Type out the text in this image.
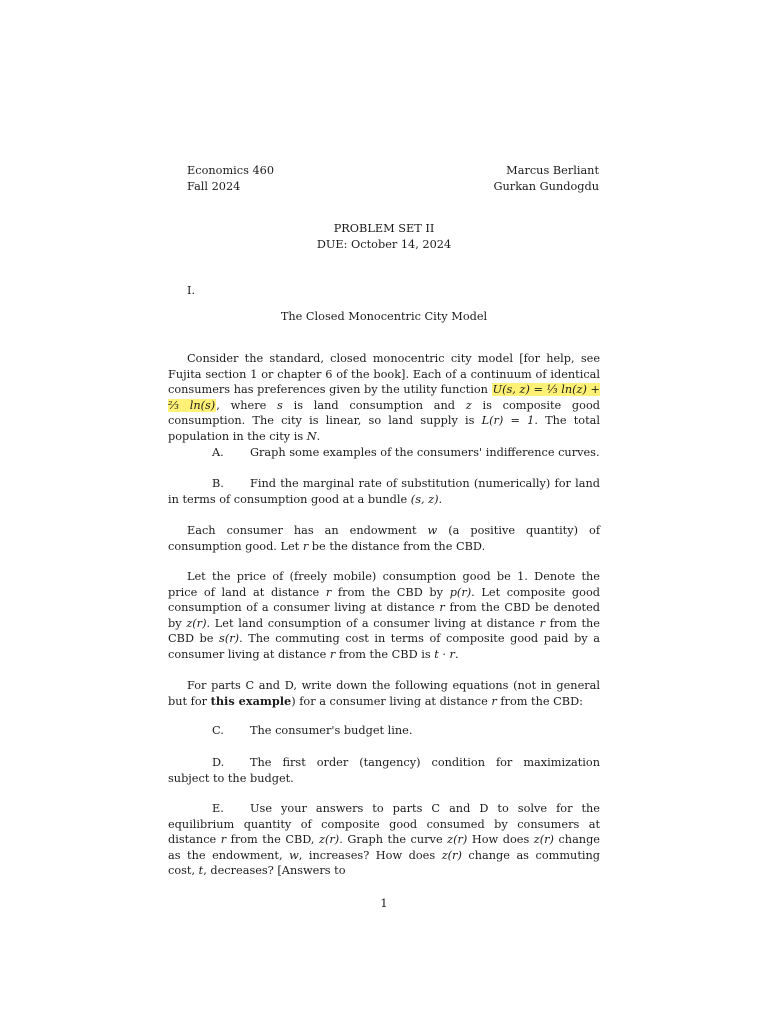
Economics 460
Fall 2024
Marcus Berliant
Gurkan Gundogdu
PROBLEM SET II
DUE: October 14, 2024
I.
The Closed Monocentric City Model

Consider the standard, closed monocentric city model [for help, see Fujita section 1 or chapter 6 of the book]. Each of a continuum of identical consumers has preferences given by the utility function U(s, z) = ⅓ ln(z) + ⅔ ln(s), where s is land consumption and z is composite good consumption. The city is linear, so land supply is L(r) = 1. The total population in the city is N.

A. Graph some examples of the consumers' indifference curves.

B. Find the marginal rate of substitution (numerically) for land in terms of consumption good at a bundle (s, z).

Each consumer has an endowment w (a positive quantity) of consumption good. Let r be the distance from the CBD.

Let the price of (freely mobile) consumption good be 1. Denote the price of land at distance r from the CBD by p(r). Let composite good consumption of a consumer living at distance r from the CBD be denoted by z(r). Let land consumption of a consumer living at distance r from the CBD be s(r). The commuting cost in terms of composite good paid by a consumer living at distance r from the CBD is t · r.

For parts C and D, write down the following equations (not in general but for this example) for a consumer living at distance r from the CBD:

C. The consumer's budget line.

D. The first order (tangency) condition for maximization subject to the budget.

E. Use your answers to parts C and D to solve for the equilibrium quantity of composite good consumed by consumers at distance r from the CBD, z(r). Graph the curve z(r) How does z(r) change as the endowment, w, increases? How does z(r) change as commuting cost, t, decreases? [Answers to

1
